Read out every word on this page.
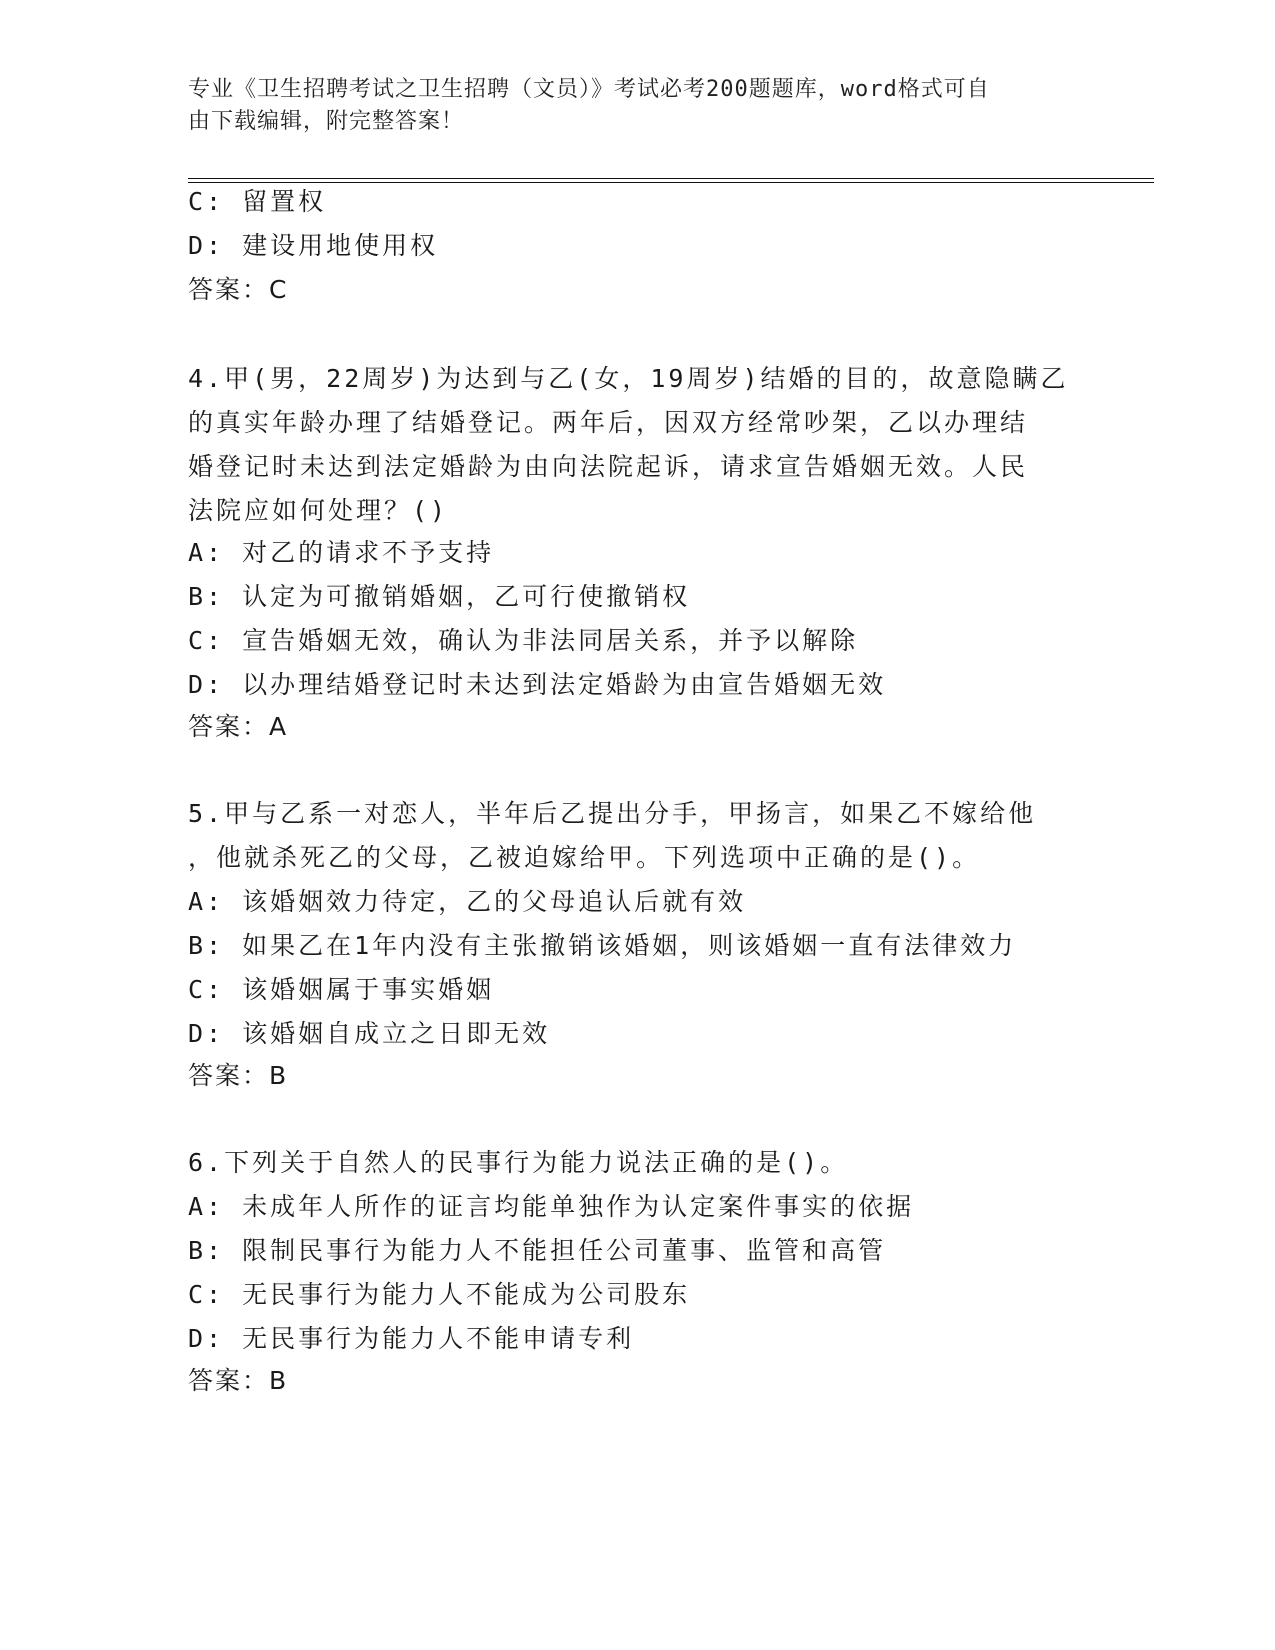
专业《卫生招聘考试之卫生招聘（文员）》考试必考200题题库，word格式可自
由下载编辑，附完整答案！
C: 留置权
D: 建设用地使用权
答案：C
4.甲(男，22周岁)为达到与乙(女，19周岁)结婚的目的，故意隐瞒乙
的真实年龄办理了结婚登记。两年后，因双方经常吵架，乙以办理结
婚登记时未达到法定婚龄为由向法院起诉，请求宣告婚姻无效。人民
法院应如何处理？()
A: 对乙的请求不予支持
B: 认定为可撤销婚姻，乙可行使撤销权
C: 宣告婚姻无效，确认为非法同居关系，并予以解除
D: 以办理结婚登记时未达到法定婚龄为由宣告婚姻无效
答案：A
5.甲与乙系一对恋人，半年后乙提出分手，甲扬言，如果乙不嫁给他
，他就杀死乙的父母，乙被迫嫁给甲。下列选项中正确的是()。
A: 该婚姻效力待定，乙的父母追认后就有效
B: 如果乙在1年内没有主张撤销该婚姻，则该婚姻一直有法律效力
C: 该婚姻属于事实婚姻
D: 该婚姻自成立之日即无效
答案：B
6.下列关于自然人的民事行为能力说法正确的是()。
A: 未成年人所作的证言均能单独作为认定案件事实的依据
B: 限制民事行为能力人不能担任公司董事、监管和高管
C: 无民事行为能力人不能成为公司股东
D: 无民事行为能力人不能申请专利
答案：B
